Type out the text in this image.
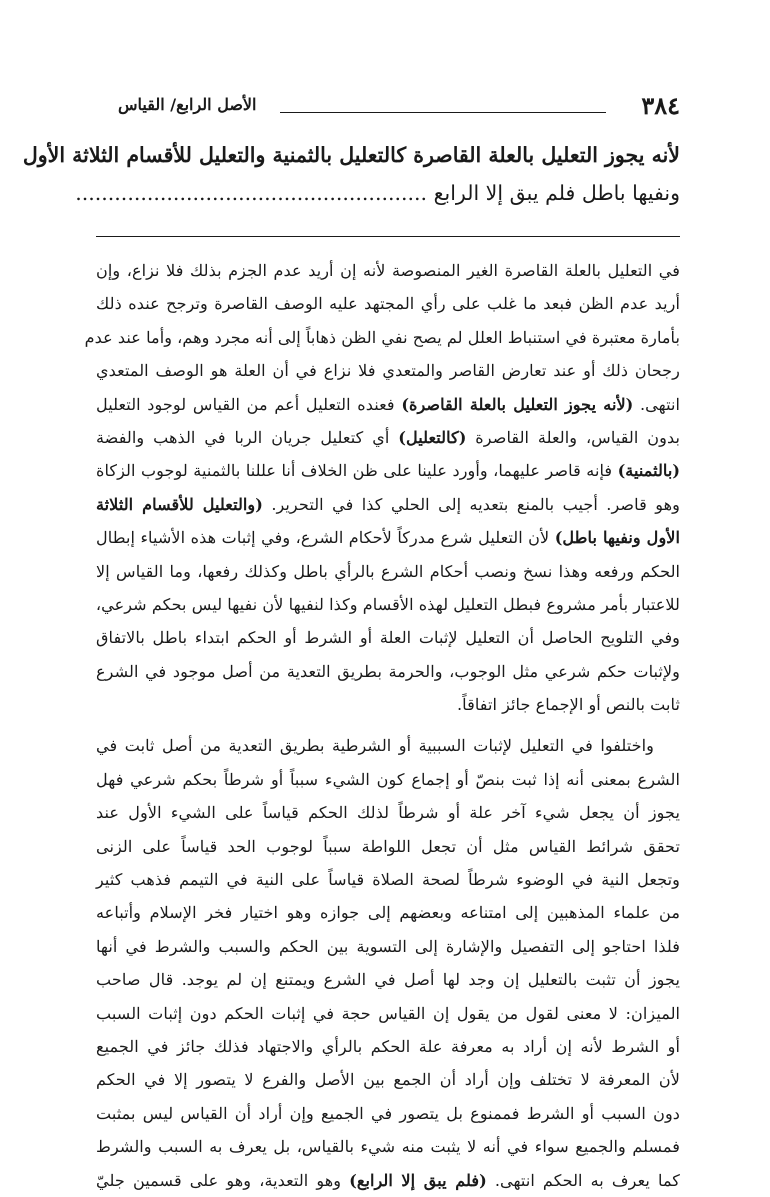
٣٨٤
الأصل الرابع/ القياس
لأنه يجوز التعليل بالعلة القاصرة كالتعليل بالثمنية والتعليل للأقسام الثلاثة الأول
ونفيها باطل فلم يبق إلا الرابع ......................................................
في التعليل بالعلة القاصرة الغير المنصوصة لأنه إن أريد عدم الجزم بذلك فلا نزاع، وإن
أريد عدم الظن فبعد ما غلب على رأي المجتهد عليه الوصف القاصرة وترجح عنده ذلك
بأمارة معتبرة في استنباط العلل لم يصح نفي الظن ذهاباً إلى أنه مجرد وهم، وأما عند عدم
رجحان ذلك أو عند تعارض القاصر والمتعدي فلا نزاع في أن العلة هو الوصف المتعدي
انتهى. (لأنه يجوز التعليل بالعلة القاصرة) فعنده التعليل أعم من القياس لوجود التعليل
بدون القياس، والعلة القاصرة (كالتعليل) أي كتعليل جريان الربا في الذهب والفضة
(بالثمنية) فإنه قاصر عليهما، وأورد علينا على ظن الخلاف أنا عللنا بالثمنية لوجوب الزكاة
وهو قاصر. أجيب بالمنع بتعديه إلى الحلي كذا في التحرير. (والتعليل للأقسام الثلاثة
الأول ونفيها باطل) لأن التعليل شرع مدركاً لأحكام الشرع، وفي إثبات هذه الأشياء إبطال
الحكم ورفعه وهذا نسخ ونصب أحكام الشرع بالرأي باطل وكذلك رفعها، وما القياس إلا
للاعتبار بأمر مشروع فبطل التعليل لهذه الأقسام وكذا لنفيها لأن نفيها ليس بحكم شرعي،
وفي التلويح الحاصل أن التعليل لإثبات العلة أو الشرط أو الحكم ابتداء باطل بالاتفاق
ولإثبات حكم شرعي مثل الوجوب، والحرمة بطريق التعدية من أصل موجود في الشرع
ثابت بالنص أو الإجماع جائز اتفاقاً.
واختلفوا في التعليل لإثبات السببية أو الشرطية بطريق التعدية من أصل ثابت في
الشرع بمعنى أنه إذا ثبت بنصّ أو إجماع كون الشيء سبباً أو شرطاً بحكم شرعي فهل
يجوز أن يجعل شيء آخر علة أو شرطاً لذلك الحكم قياساً على الشيء الأول عند
تحقق شرائط القياس مثل أن تجعل اللواطة سبباً لوجوب الحد قياساً على الزنى
وتجعل النية في الوضوء شرطاً لصحة الصلاة قياساً على النية في التيمم فذهب كثير
من علماء المذهبين إلى امتناعه وبعضهم إلى جوازه وهو اختيار فخر الإسلام وأتباعه
فلذا احتاجو إلى التفصيل والإشارة إلى التسوية بين الحكم والسبب والشرط في أنها
يجوز أن تثبت بالتعليل إن وجد لها أصل في الشرع ويمتنع إن لم يوجد. قال صاحب
الميزان: لا معنى لقول من يقول إن القياس حجة في إثبات الحكم دون إثبات السبب
أو الشرط لأنه إن أراد به معرفة علة الحكم بالرأي والاجتهاد فذلك جائز في الجميع
لأن المعرفة لا تختلف وإن أراد أن الجمع بين الأصل والفرع لا يتصور إلا في الحكم
دون السبب أو الشرط فممنوع بل يتصور في الجميع وإن أراد أن القياس ليس بمثبت
فمسلم والجميع سواء في أنه لا يثبت منه شيء بالقياس، بل يعرف به السبب والشرط
كما يعرف به الحكم انتهى. (فلم يبق إلا الرابع) وهو التعدية، وهو على قسمين جليّ
